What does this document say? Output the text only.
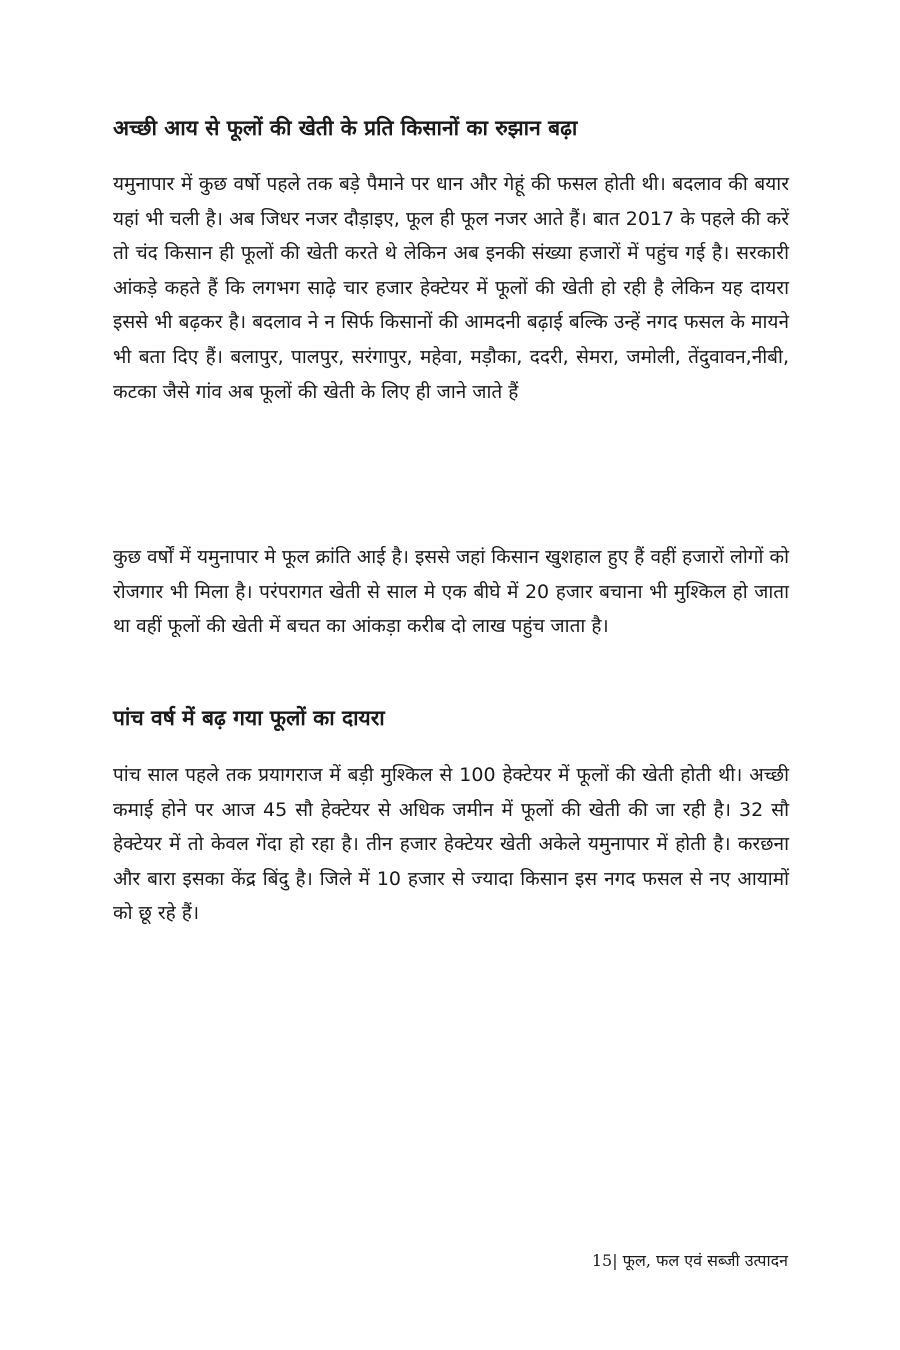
अच्छी आय से फूलों की खेती के प्रति किसानों का रुझान बढ़ा

यमुनापार में कुछ वर्षो पहले तक बड़े पैमाने पर धान और गेहूं की फसल होती थी। बदलाव की बयार यहां भी चली है। अब जिधर नजर दौड़ाइए, फूल ही फूल नजर आते हैं। बात 2017 के पहले की करें तो चंद किसान ही फूलों की खेती करते थे लेकिन अब इनकी संख्या हजारों में पहुंच गई है। सरकारी आंकड़े कहते हैं कि लगभग साढ़े चार हजार हेक्टेयर में फूलों की खेती हो रही है लेकिन यह दायरा इससे भी बढ़कर है। बदलाव ने न सिर्फ किसानों की आमदनी बढ़ाई बल्कि उन्हें नगद फसल के मायने भी बता दिए हैं। बलापुर, पालपुर, सरंगापुर, महेवा, मड़ौका, ददरी, सेमरा, जमोली, तेंदुवावन,नीबी, कटका जैसे गांव अब फूलों की खेती के लिए ही जाने जाते हैं

कुछ वर्षों में यमुनापार मे फूल क्रांति आई है। इससे जहां किसान खुशहाल हुए हैं वहीं हजारों लोगों को रोजगार भी मिला है। परंपरागत खेती से साल मे एक बीघे में 20 हजार बचाना भी मुश्किल हो जाता था वहीं फूलों की खेती में बचत का आंकड़ा करीब दो लाख पहुंच जाता है।

पांच वर्ष में बढ़ गया फूलों का दायरा

पांच साल पहले तक प्रयागराज में बड़ी मुश्किल से 100 हेक्टेयर में फूलों की खेती होती थी। अच्छी कमाई होने पर आज 45 सौ हेक्टेयर से अधिक जमीन में फूलों की खेती की जा रही है। 32 सौ हेक्टेयर में तो केवल गेंदा हो रहा है। तीन हजार हेक्टेयर खेती अकेले यमुनापार में होती है। करछना और बारा इसका केंद्र बिंदु है। जिले में 10 हजार से ज्यादा किसान इस नगद फसल से नए आयामों को छू रहे हैं।

15| फूल, फल एवं सब्जी उत्पादन
